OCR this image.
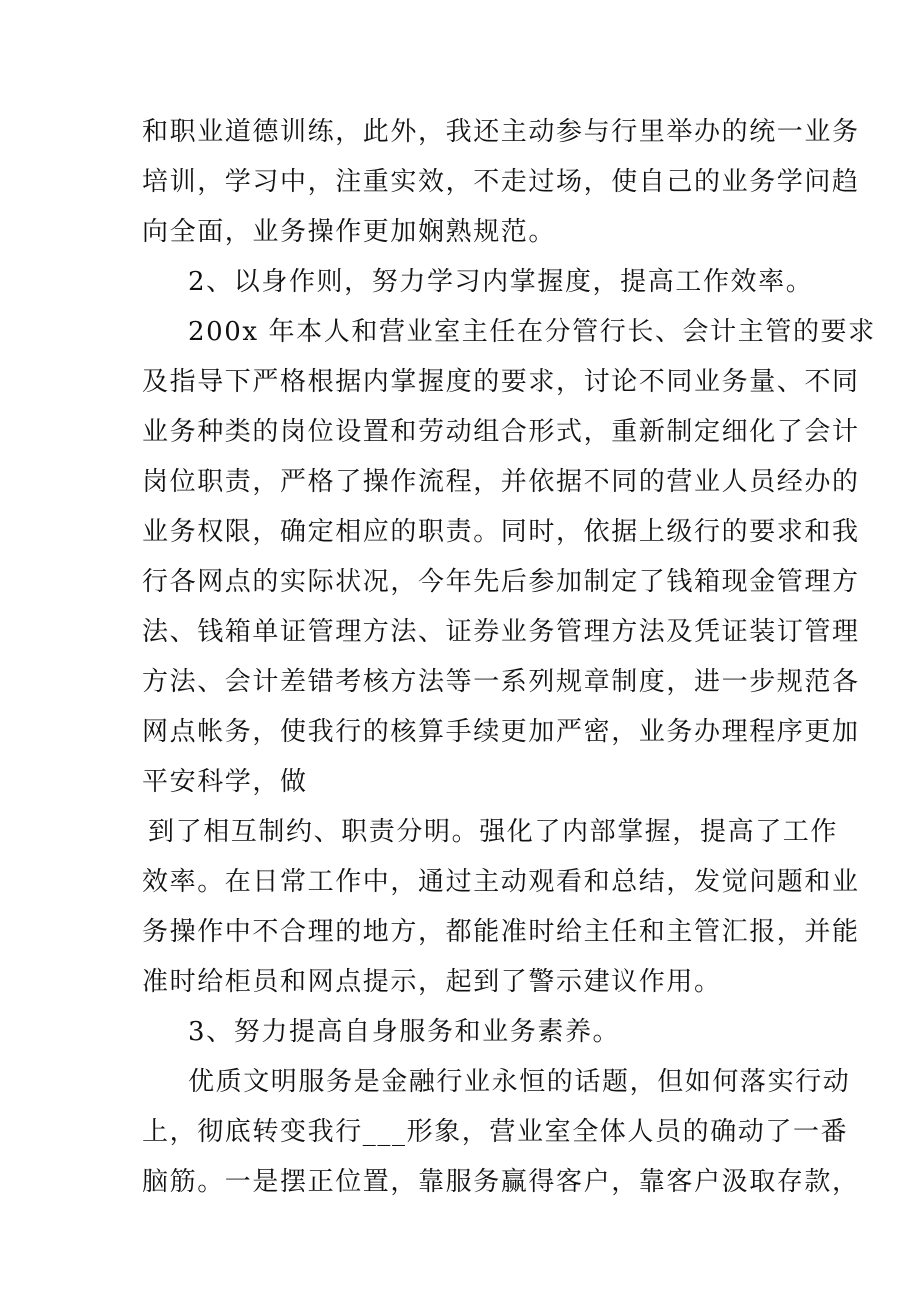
和职业道德训练，此外，我还主动参与行里举办的统一业务

培训，学习中，注重实效，不走过场，使自己的业务学问趋

向全面，业务操作更加娴熟规范。

2、以身作则，努力学习内掌握度，提高工作效率。

200x 年本人和营业室主任在分管行长、会计主管的要求

及指导下严格根据内掌握度的要求，讨论不同业务量、不同

业务种类的岗位设置和劳动组合形式，重新制定细化了会计

岗位职责，严格了操作流程，并依据不同的营业人员经办的

业务权限，确定相应的职责。同时，依据上级行的要求和我

行各网点的实际状况，今年先后参加制定了钱箱现金管理方

法、钱箱单证管理方法、证券业务管理方法及凭证装订管理

方法、会计差错考核方法等一系列规章制度，进一步规范各

网点帐务，使我行的核算手续更加严密，业务办理程序更加

平安科学，做

到了相互制约、职责分明。强化了内部掌握，提高了工作

效率。在日常工作中，通过主动观看和总结，发觉问题和业

务操作中不合理的地方，都能准时给主任和主管汇报，并能

准时给柜员和网点提示，起到了警示建议作用。

3、努力提高自身服务和业务素养。

优质文明服务是金融行业永恒的话题，但如何落实行动

上，彻底转变我行___形象，营业室全体人员的确动了一番

脑筋。一是摆正位置，靠服务赢得客户，靠客户汲取存款，
